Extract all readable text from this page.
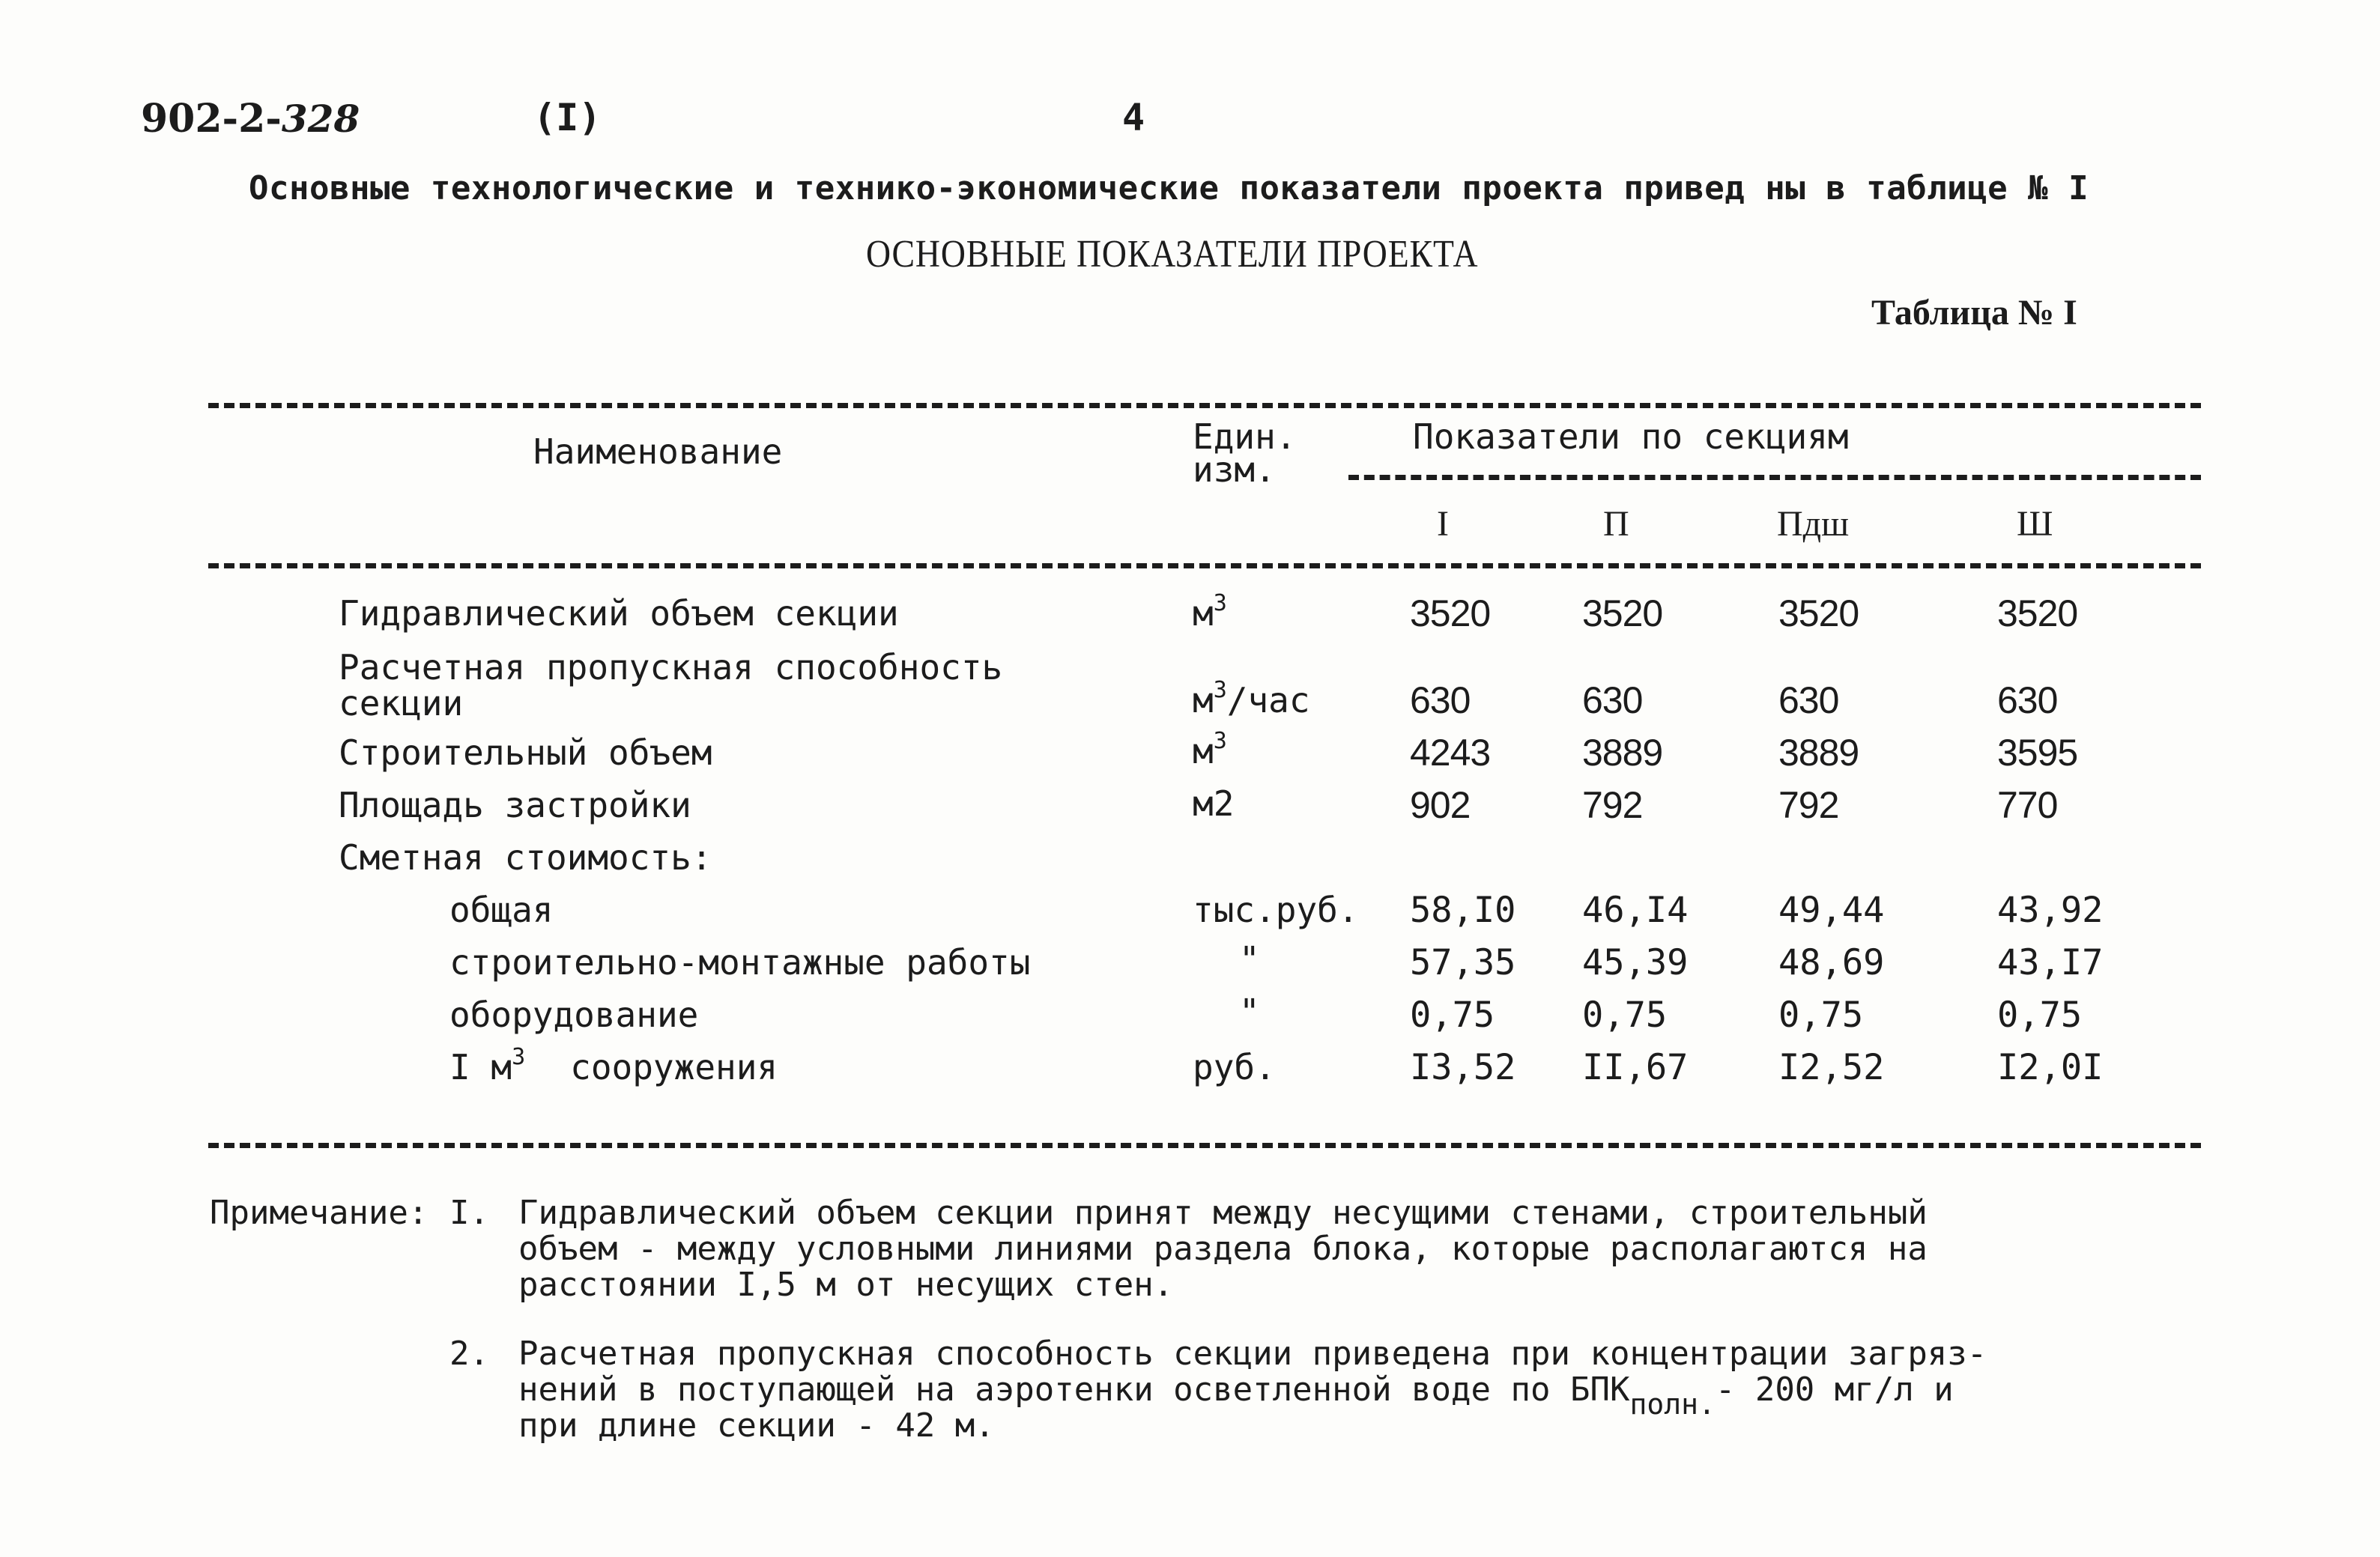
902-2-328	(I)	4
Основные технологические и технико-экономические показатели проекта привед ны в таблице № I
ОСНОВНЫЕ ПОКАЗАТЕЛИ ПРОЕКТА
Таблица № I
Наименование	Един.
изм.
Показатели по секциям
I	П	Пдш	Ш
Гидравлический объем секции	$м^3$	3520 3520	3520	3520
Расчетная пропускная способность
секции	$м^3$/час	630	630	630	630
Строительный объем	$м^3$	4243 3889	3889	3595
Площадь застройки	м2	902	792	792	770
Сметная стоимость:
общая	тыс.руб. 58,I0 46,I4	49,44	43,92
строительно-монтажные работы	"	57,35 45,39	48,69	43,I7
оборудование	"	0,75 0,75	0,75	0,75
I $м^3$ сооружения	руб.	I3,52 II,67	I2,52	I2,0I
Примечание: I. Гидравлический объем секции принят между несущими стенами, строительный
объем - между условными линиями раздела блока, которые располагаются на
расстоянии I,5 м от несущих стен.
2. Расчетная пропускная способность секции приведена при концентрации загряз-
нений в поступающей на аэротенки осветленной воде по БПКполн.- 200 мг/л и
при длине секции - 42 м.
